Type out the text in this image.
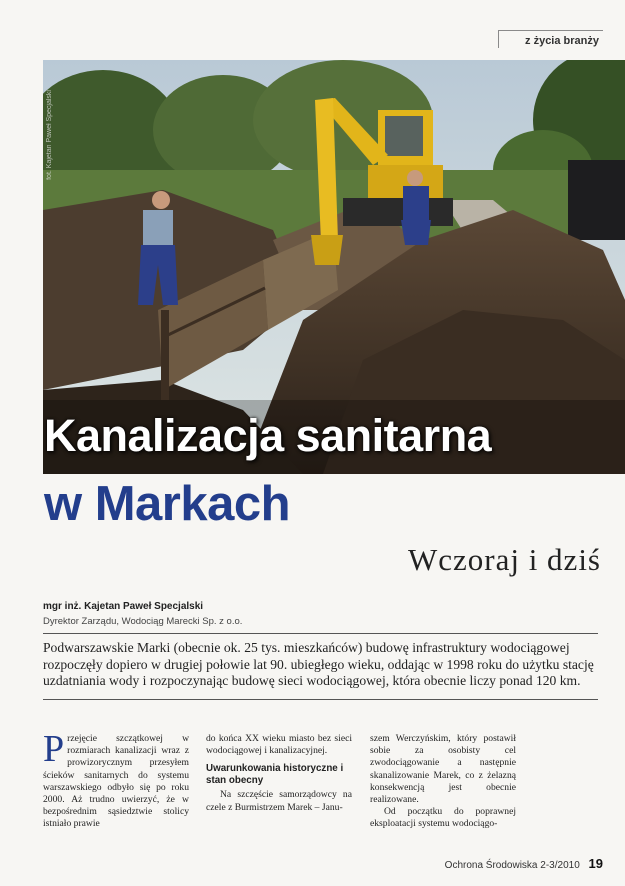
z życia branży
fot. Kajetan Paweł Specjalski
Kanalizacja sanitarna
w Markach
Wczoraj i dziś
mgr inż. Kajetan Paweł Specjalski
Dyrektor Zarządu, Wodociąg Marecki Sp. z o.o.
Podwarszawskie Marki (obecnie ok. 25 tys. mieszkańców) budowę infrastruktury wodociągowej rozpoczęły dopiero w drugiej połowie lat 90. ubiegłego wieku, oddając w 1998 roku do użytku stację uzdatniania wody i rozpoczynając budowę sieci wodociągowej, która obecnie liczy ponad 120 km.

Przejęcie szczątkowej w rozmiarach kanalizacji wraz z prowizorycznym przesyłem ścieków sanitarnych do systemu warszawskiego odbyło się po roku 2000. Aż trudno uwierzyć, że w bezpośrednim sąsiedztwie stolicy istniało prawie

do końca XX wieku miasto bez sieci wodociągowej i kanalizacyjnej.

Uwarunkowania historyczne i stan obecny

Na szczęście samorządowcy na czele z Burmistrzem Marek – Janu-

szem Werczyńskim, który postawił sobie za osobisty cel zwodociągowanie a następnie skanalizowanie Marek, co z żelazną konsekwencją jest obecnie realizowane.

Od początku do poprawnej eksploatacji systemu wodociągo-

Ochrona Środowiska 2-3/2010 19
